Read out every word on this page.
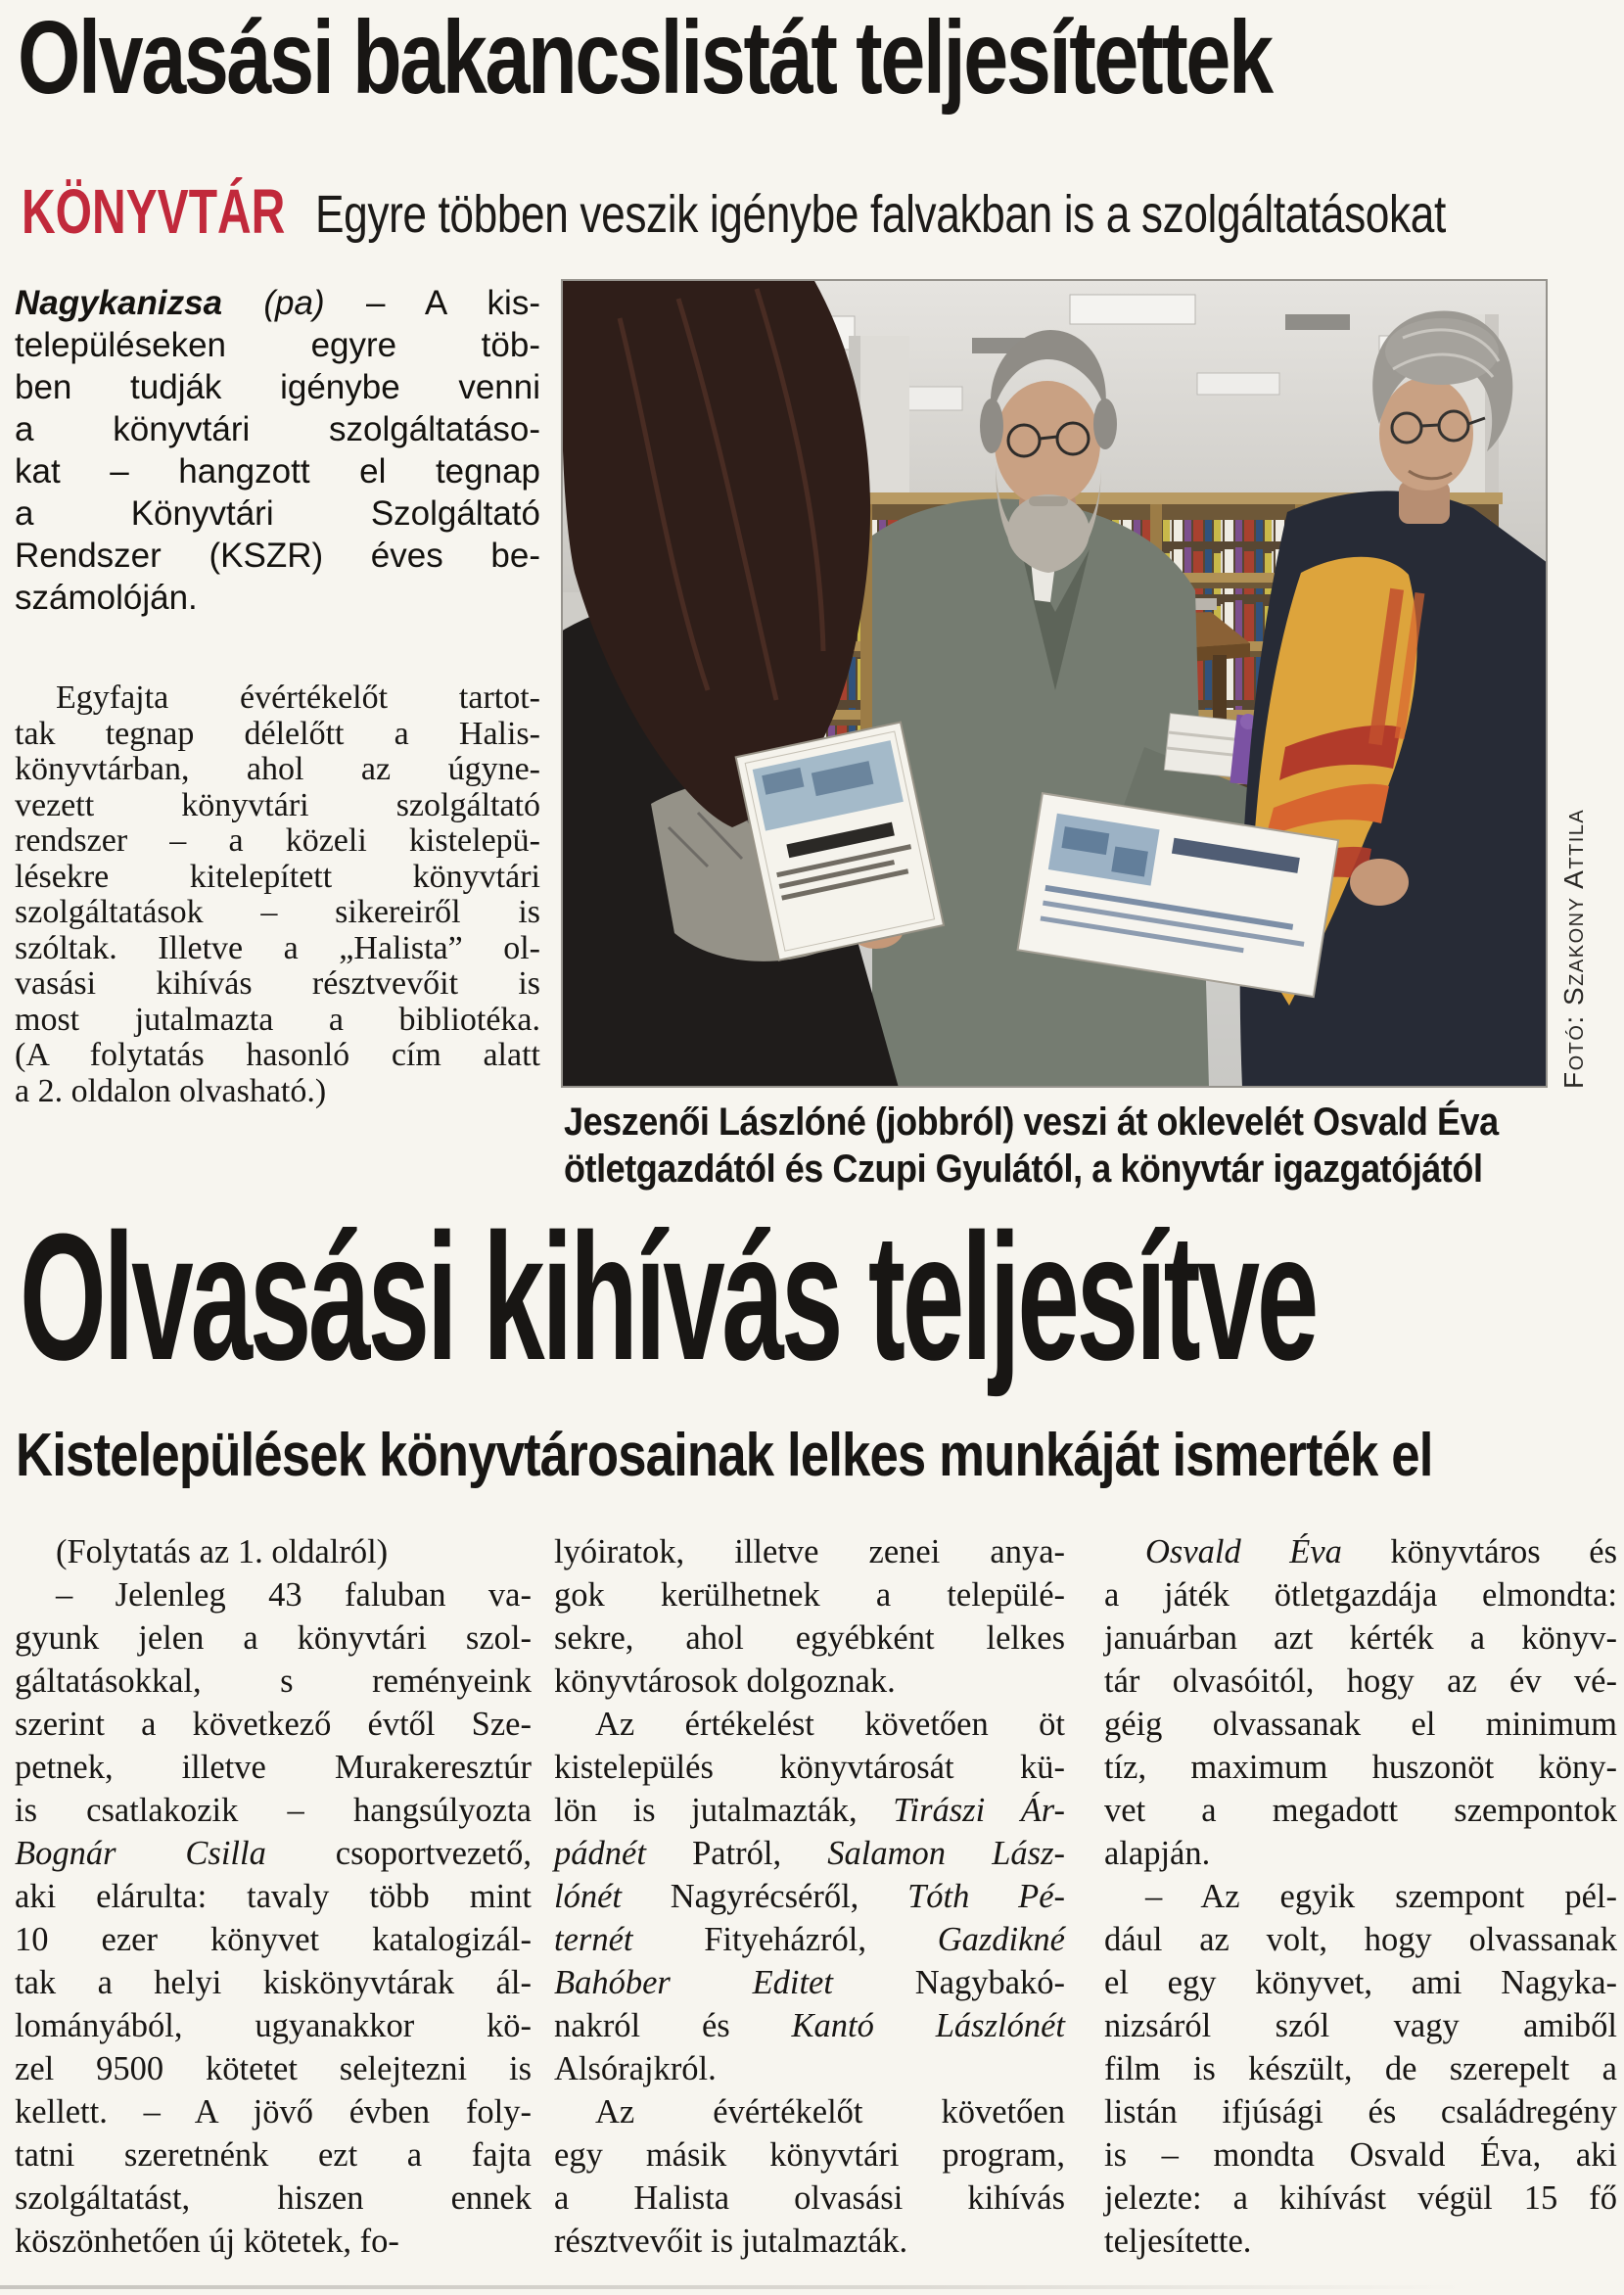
Olvasási bakancslistát teljesítettek
KÖNYVTÁR Egyre többen veszik igénybe falvakban is a szolgáltatásokat
Nagykanizsa (pa) – A kis-
településeken egyre töb-
ben tudják igénybe venni
a könyvtári szolgáltatáso-
kat – hangzott el tegnap
a Könyvtári Szolgáltató
Rendszer (KSZR) éves be-
számolóján.
Egyfajta évértékelőt tartot-
tak tegnap délelőtt a Halis-
könyvtárban, ahol az úgyne-
vezett könyvtári szolgáltató
rendszer – a közeli kistelepü-
lésekre kitelepített könyvtári
szolgáltatások – sikereiről is
szóltak. Illetve a „Halista” ol-
vasási kihívás résztvevőit is
most jutalmazta a bibliotéka.
(A folytatás hasonló cím alatt
a 2. oldalon olvasható.)
Jeszenői Lászlóné (jobbról) veszi át oklevelét Osvald Éva
ötletgazdától és Czupi Gyulától, a könyvtár igazgatójától
Fotó: Szakony Attila
Olvasási kihívás teljesítve
Kistelepülések könyvtárosainak lelkes munkáját ismerték el
(Folytatás az 1. oldalról)
– Jelenleg 43 faluban va-
gyunk jelen a könyvtári szol-
gáltatásokkal, s reményeink
szerint a következő évtől Sze-
petnek, illetve Murakeresztúr
is csatlakozik – hangsúlyozta
Bognár Csilla csoportvezető,
aki elárulta: tavaly több mint
10 ezer könyvet katalogizál-
tak a helyi kiskönyvtárak ál-
lományából, ugyanakkor kö-
zel 9500 kötetet selejtezni is
kellett. – A jövő évben foly-
tatni szeretnénk ezt a fajta
szolgáltatást, hiszen ennek
köszönhetően új kötetek, fo-
lyóiratok, illetve zenei anya-
gok kerülhetnek a települé-
sekre, ahol egyébként lelkes
könyvtárosok dolgoznak.
Az értékelést követően öt
kistelepülés könyvtárosát kü-
lön is jutalmazták, Tirászi Ár-
pádnét Patról, Salamon Lász-
lónét Nagyrécséről, Tóth Pé-
ternét Fityeházról, Gazdikné
Bahóber Editet Nagybakó-
nakról és Kantó Lászlónét
Alsórajkról.
Az évértékelőt követően
egy másik könyvtári program,
a Halista olvasási kihívás
résztvevőit is jutalmazták.
Osvald Éva könyvtáros és
a játék ötletgazdája elmondta:
januárban azt kérték a könyv-
tár olvasóitól, hogy az év vé-
géig olvassanak el minimum
tíz, maximum huszonöt köny-
vet a megadott szempontok
alapján.
– Az egyik szempont pél-
dául az volt, hogy olvassanak
el egy könyvet, ami Nagyka-
nizsáról szól vagy amiből
film is készült, de szerepelt a
listán ifjúsági és családregény
is – mondta Osvald Éva, aki
jelezte: a kihívást végül 15 fő
teljesítette.
